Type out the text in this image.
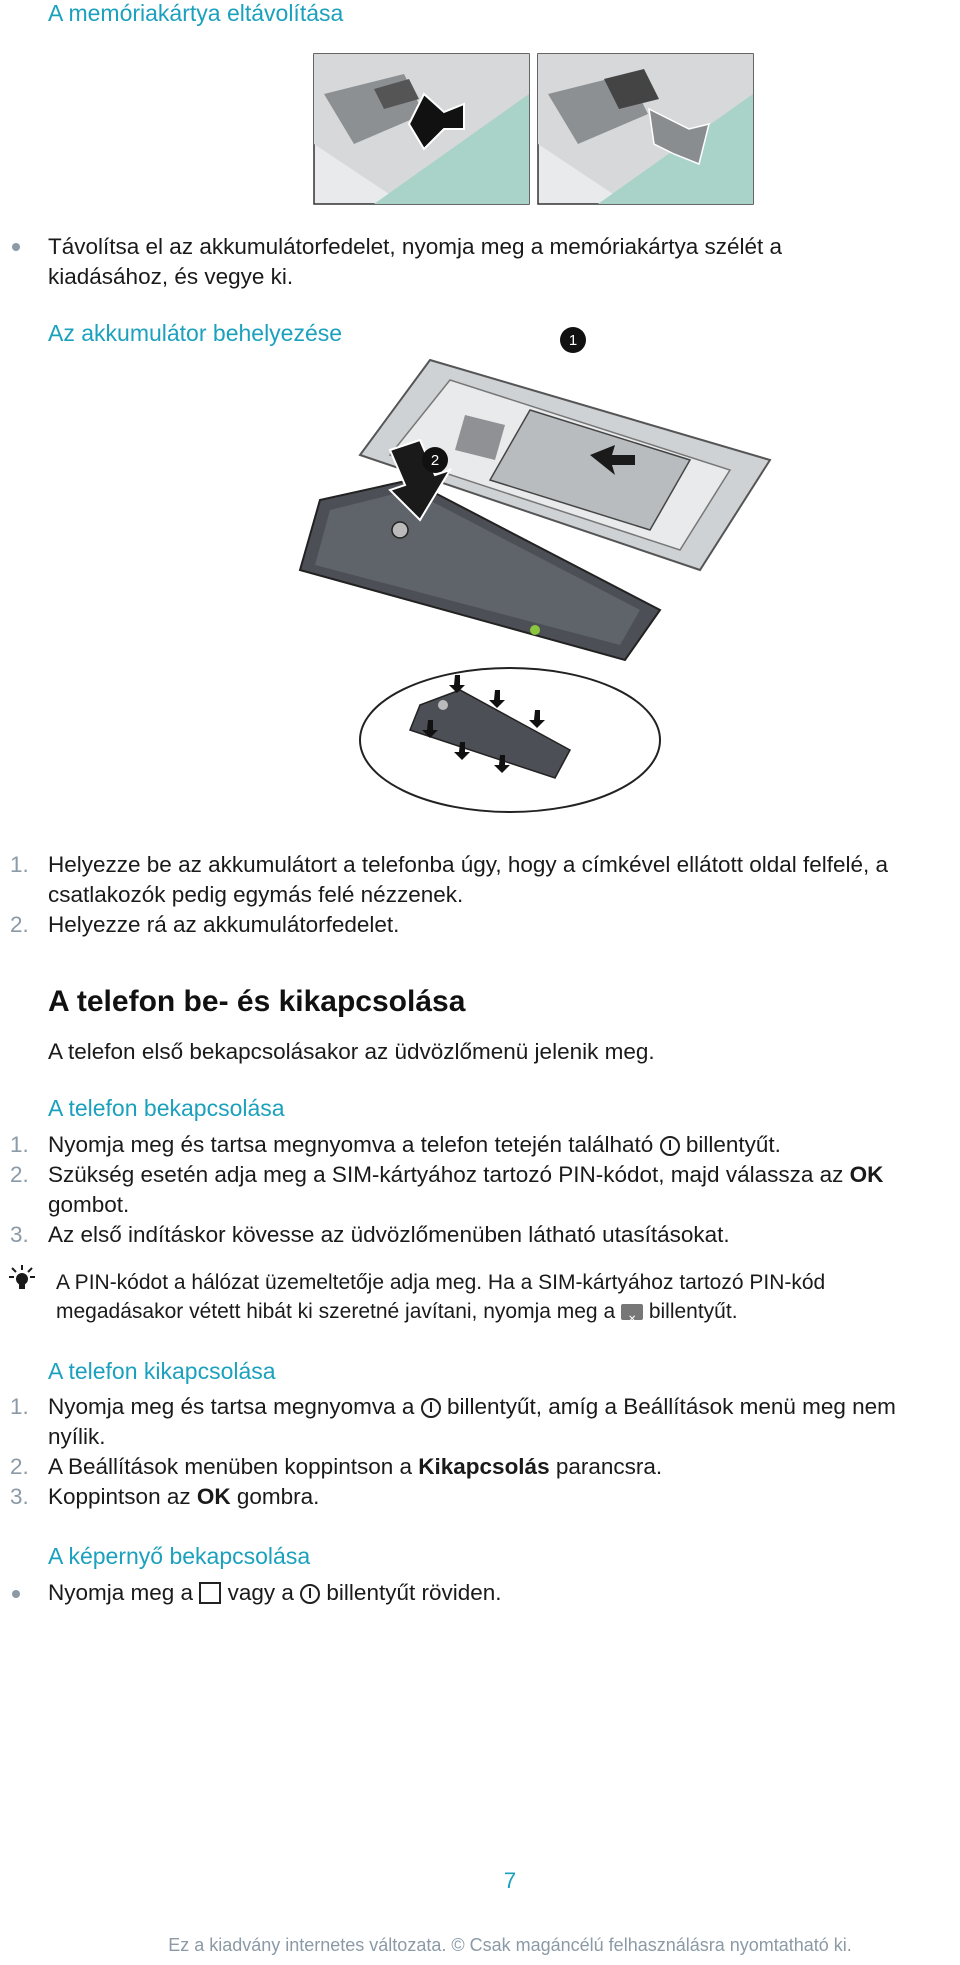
A memóriakártya eltávolítása
Távolítsa el az akkumulátorfedelet, nyomja meg a memóriakártya szélét a kiadásához, és vegye ki.
Az akkumulátor behelyezése	1
2
1. Helyezze be az akkumulátort a telefonba úgy, hogy a címkével ellátott oldal felfelé, a csatlakozók pedig egymás felé nézzenek.
2. Helyezze rá az akkumulátorfedelet.
A telefon be- és kikapcsolása
A telefon első bekapcsolásakor az üdvözlőmenü jelenik meg.
A telefon bekapcsolása
1. Nyomja meg és tartsa megnyomva a telefon tetején található billentyűt.
2. Szükség esetén adja meg a SIM-kártyához tartozó PIN-kódot, majd válassza az OK gombot.
3. Az első indításkor kövesse az üdvözlőmenüben látható utasításokat.
A PIN-kódot a hálózat üzemeltetője adja meg. Ha a SIM-kártyához tartozó PIN-kód megadásakor vétett hibát ki szeretné javítani, nyomja meg a ✕ billentyűt.
A telefon kikapcsolása
1. Nyomja meg és tartsa megnyomva a billentyűt, amíg a Beállítások menü meg nem nyílik.
2. A Beállítások menüben koppintson a Kikapcsolás parancsra.
3. Koppintson az OK gombra.
A képernyő bekapcsolása
Nyomja meg a vagy a billentyűt röviden.
7
Ez a kiadvány internetes változata. © Csak magáncélú felhasználásra nyomtatható ki.
